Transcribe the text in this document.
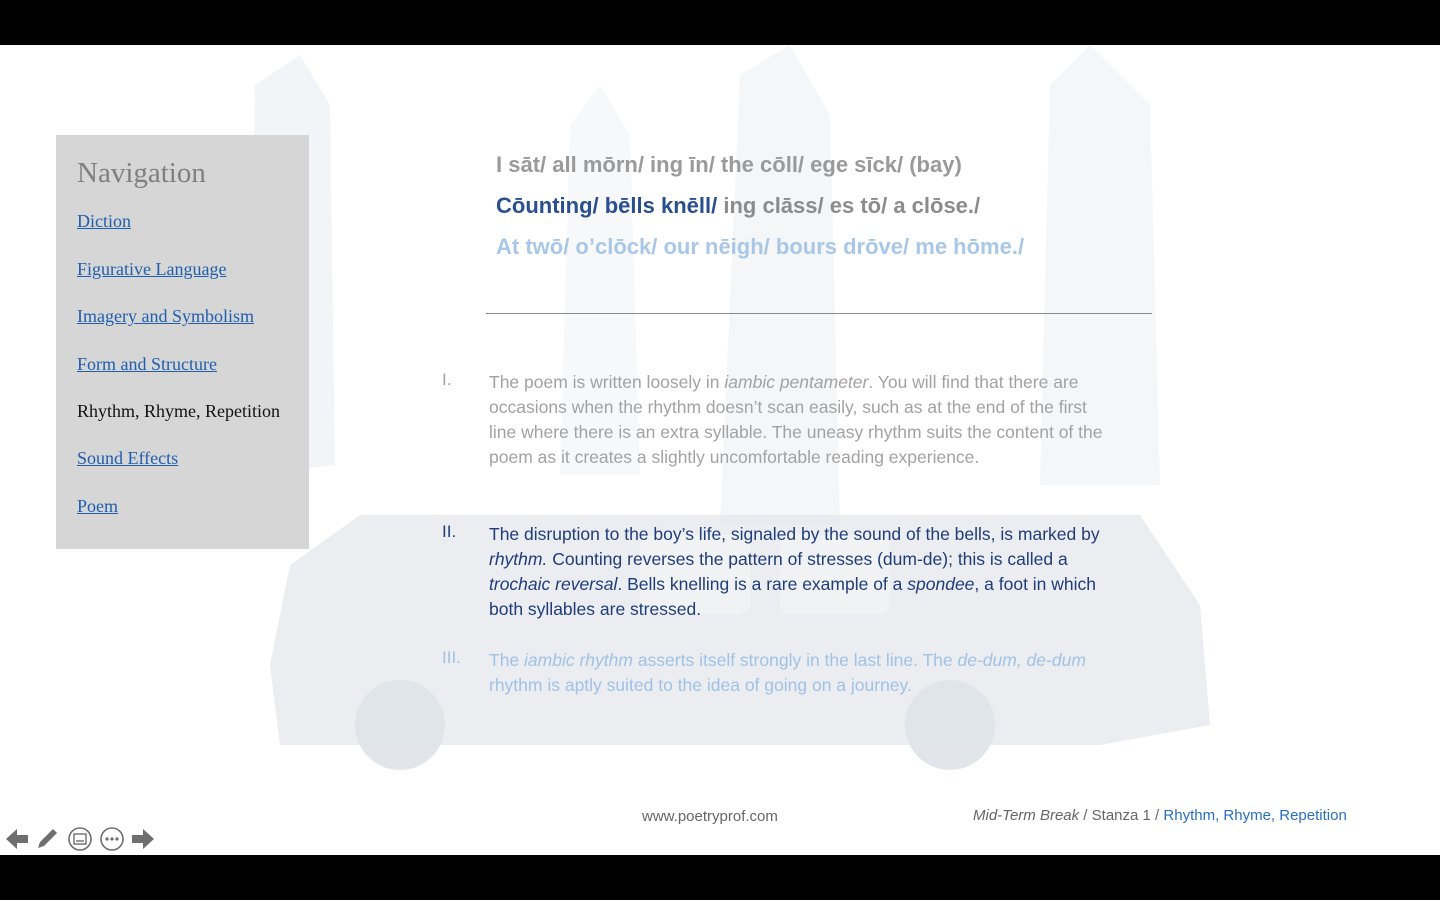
Navigation
Diction
Figurative Language
Imagery and Symbolism
Form and Structure
Rhythm, Rhyme, Repetition
Sound Effects
Poem
I sāt/ all mōrn/ ing īn/ the cōll/ ege sīck/ (bay)
Cōunting/ bēlls knēll/ ing clāss/ es tō/ a clōse./
At twō/ o’clōck/ our nēigh/ bours drōve/ me hōme./
I. The poem is written loosely in iambic pentameter. You will find that there are occasions when the rhythm doesn’t scan easily, such as at the end of the first line where there is an extra syllable. The uneasy rhythm suits the content of the poem as it creates a slightly uncomfortable reading experience.
II. The disruption to the boy’s life, signaled by the sound of the bells, is marked by rhythm. Counting reverses the pattern of stresses (dum-de); this is called a trochaic reversal. Bells knelling is a rare example of a spondee, a foot in which both syllables are stressed.
III. The iambic rhythm asserts itself strongly in the last line. The de-dum, de-dum rhythm is aptly suited to the idea of going on a journey.
www.poetryprof.com	Mid-Term Break / Stanza 1 / Rhythm, Rhyme, Repetition
